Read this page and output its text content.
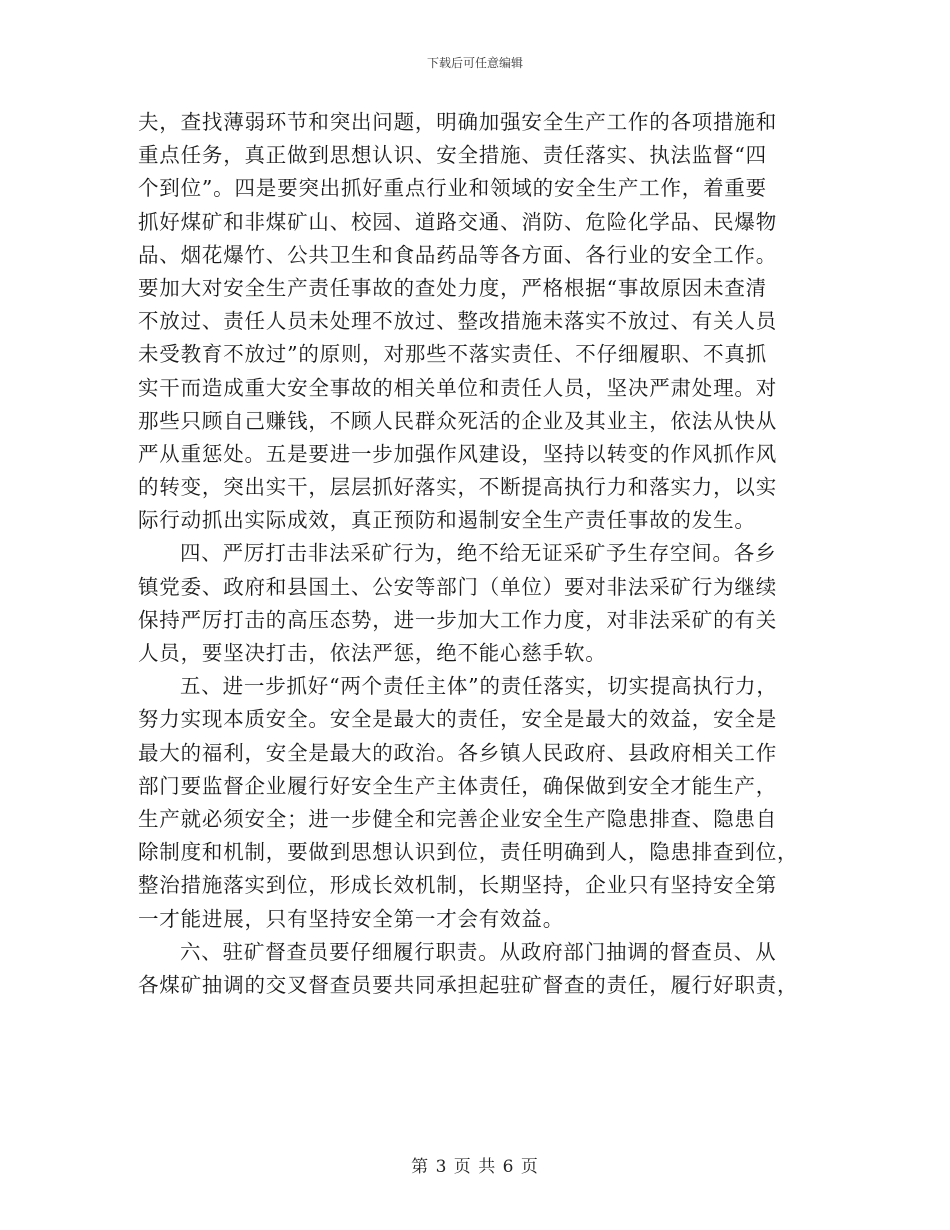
下载后可任意编辑
夫，查找薄弱环节和突出问题，明确加强安全生产工作的各项措施和
重点任务，真正做到思想认识、安全措施、责任落实、执法监督“四
个到位”。四是要突出抓好重点行业和领域的安全生产工作，着重要
抓好煤矿和非煤矿山、校园、道路交通、消防、危险化学品、民爆物
品、烟花爆竹、公共卫生和食品药品等各方面、各行业的安全工作。
要加大对安全生产责任事故的查处力度，严格根据“事故原因未查清
不放过、责任人员未处理不放过、整改措施未落实不放过、有关人员
未受教育不放过”的原则，对那些不落实责任、不仔细履职、不真抓
实干而造成重大安全事故的相关单位和责任人员，坚决严肃处理。对
那些只顾自己赚钱，不顾人民群众死活的企业及其业主，依法从快从
严从重惩处。五是要进一步加强作风建设，坚持以转变的作风抓作风
的转变，突出实干，层层抓好落实，不断提高执行力和落实力，以实
际行动抓出实际成效，真正预防和遏制安全生产责任事故的发生。
四、严厉打击非法采矿行为，绝不给无证采矿予生存空间。各乡
镇党委、政府和县国土、公安等部门（单位）要对非法采矿行为继续
保持严厉打击的高压态势，进一步加大工作力度，对非法采矿的有关
人员，要坚决打击，依法严惩，绝不能心慈手软。
五、进一步抓好“两个责任主体”的责任落实，切实提高执行力，
努力实现本质安全。安全是最大的责任，安全是最大的效益，安全是
最大的福利，安全是最大的政治。各乡镇人民政府、县政府相关工作
部门要监督企业履行好安全生产主体责任，确保做到安全才能生产，
生产就必须安全；进一步健全和完善企业安全生产隐患排查、隐患自
除制度和机制，要做到思想认识到位，责任明确到人，隐患排查到位，
整治措施落实到位，形成长效机制，长期坚持，企业只有坚持安全第
一才能进展，只有坚持安全第一才会有效益。
六、驻矿督查员要仔细履行职责。从政府部门抽调的督查员、从
各煤矿抽调的交叉督查员要共同承担起驻矿督查的责任，履行好职责，
第 3 页 共 6 页
